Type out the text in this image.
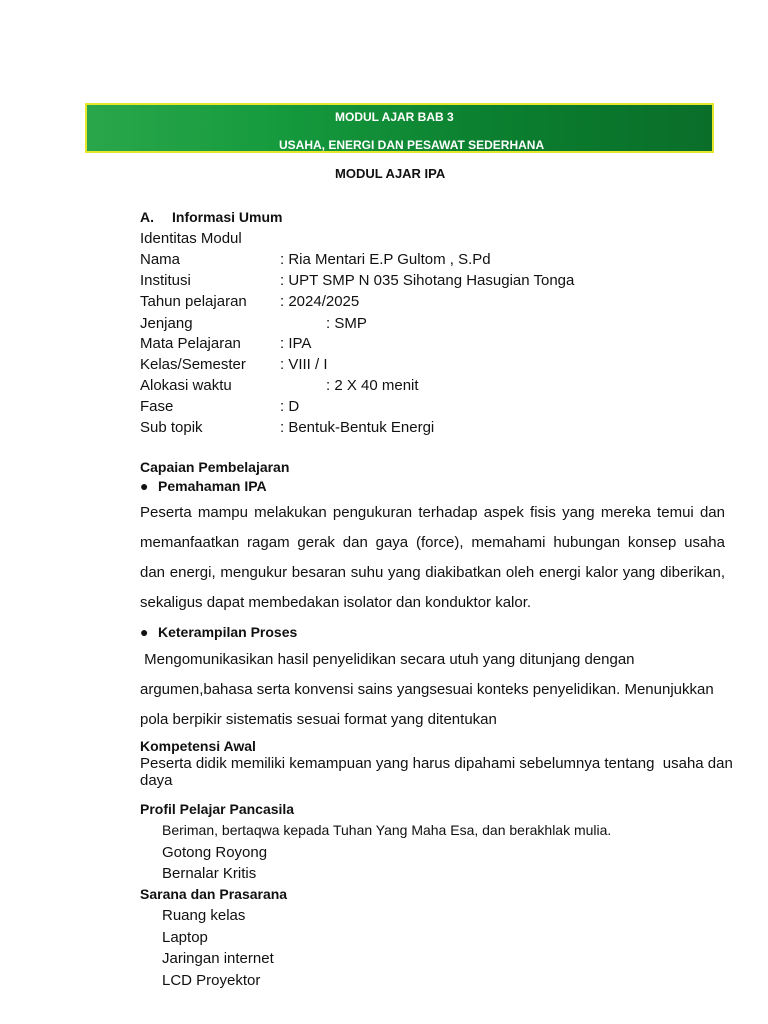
MODUL AJAR BAB 3
USAHA, ENERGI DAN PESAWAT SEDERHANA
MODUL AJAR IPA
A. Informasi Umum
Identitas Modul
Nama	: Ria Mentari E.P Gultom , S.Pd
Institusi	: UPT SMP N 035 Sihotang Hasugian Tonga
Tahun pelajaran : 2024/2025
Jenjang	: SMP
Mata Pelajaran	: IPA
Kelas/Semester : VIII / I
Alokasi waktu	: 2 X 40 menit
Fase	: D
Sub topik	: Bentuk-Bentuk Energi
Capaian Pembelajaran
● Pemahaman IPA
Peserta mampu melakukan pengukuran terhadap aspek fisis yang mereka temui dan
memanfaatkan ragam gerak dan gaya (force), memahami hubungan konsep usaha
dan energi, mengukur besaran suhu yang diakibatkan oleh energi kalor yang diberikan,
sekaligus dapat membedakan isolator dan konduktor kalor.
● Keterampilan Proses
Mengomunikasikan hasil penyelidikan secara utuh yang ditunjang dengan
argumen,bahasa serta konvensi sains yangsesuai konteks penyelidikan. Menunjukkan
pola berpikir sistematis sesuai format yang ditentukan
Kompetensi Awal
Peserta didik memiliki kemampuan yang harus dipahami sebelumnya tentang  usaha dan
daya
Profil Pelajar Pancasila
Beriman, bertaqwa kepada Tuhan Yang Maha Esa, dan berakhlak mulia.
Gotong Royong
Bernalar Kritis
Sarana dan Prasarana
Ruang kelas
Laptop
Jaringan internet
LCD Proyektor
